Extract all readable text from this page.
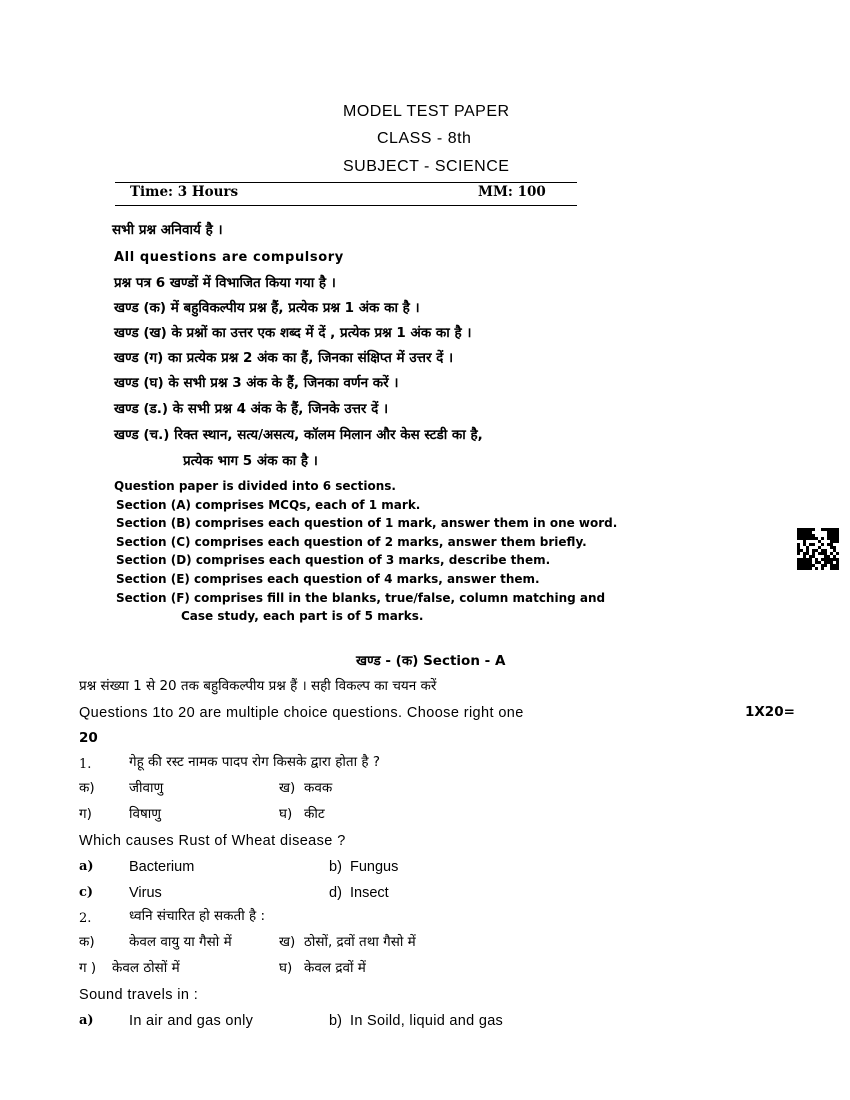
MODEL TEST PAPER
CLASS - 8th
SUBJECT - SCIENCE
Time: 3 Hours	MM: 100
सभी प्रश्न अनिवार्य है ।
All questions are compulsory
प्रश्न पत्र 6 खण्डों में विभाजित किया गया है ।
खण्ड (क) में बहुविकल्पीय प्रश्न हैं, प्रत्येक प्रश्न 1 अंक का है ।
खण्ड (ख) के प्रश्नों का उत्तर एक शब्द में दें , प्रत्येक प्रश्न 1 अंक का है ।
खण्ड (ग) का प्रत्येक प्रश्न 2 अंक का हैं, जिनका संक्षिप्त में उत्तर दें ।
खण्ड (घ) के सभी प्रश्न 3 अंक के हैं, जिनका वर्णन करें ।
खण्ड (ड.) के सभी प्रश्न 4 अंक के हैं, जिनके उत्तर दें ।
खण्ड (च.) रिक्त स्थान, सत्य/असत्य, कॉलम मिलान और केस स्टडी का है,
प्रत्येक भाग 5 अंक का है ।
Question paper is divided into 6 sections.
Section (A) comprises MCQs, each of 1 mark.
Section (B) comprises each question of 1 mark, answer them in one word.
Section (C) comprises each question of 2 marks, answer them briefly.
Section (D) comprises each question of 3 marks, describe them.
Section (E) comprises each question of 4 marks, answer them.
Section (F) comprises fill in the blanks, true/false, column matching and
Case study, each part is of 5 marks.
खण्ड - (क) Section - A
प्रश्न संख्या 1 से 20 तक बहुविकल्पीय प्रश्न हैं । सही विकल्प का चयन करें
Questions 1to 20 are multiple choice questions. Choose right one	1X20=
20
1.	गेहू की रस्ट नामक पादप रोग किसके द्वारा होता है ?
क)	जीवाणु	ख) कवक
ग)	विषाणु	घ) कीट
Which causes Rust of Wheat disease ?
a) Bacterium	b) Fungus
c) Virus	d) Insect
2.	ध्वनि संचारित हो सकती है :
क)	केवल वायु या गैसो में	ख) ठोसों, द्रवों तथा गैसो में
ग ) केवल ठोसों में	घ) केवल द्रवों में
Sound travels in :
a) In air and gas only	b) In Soild, liquid and gas
